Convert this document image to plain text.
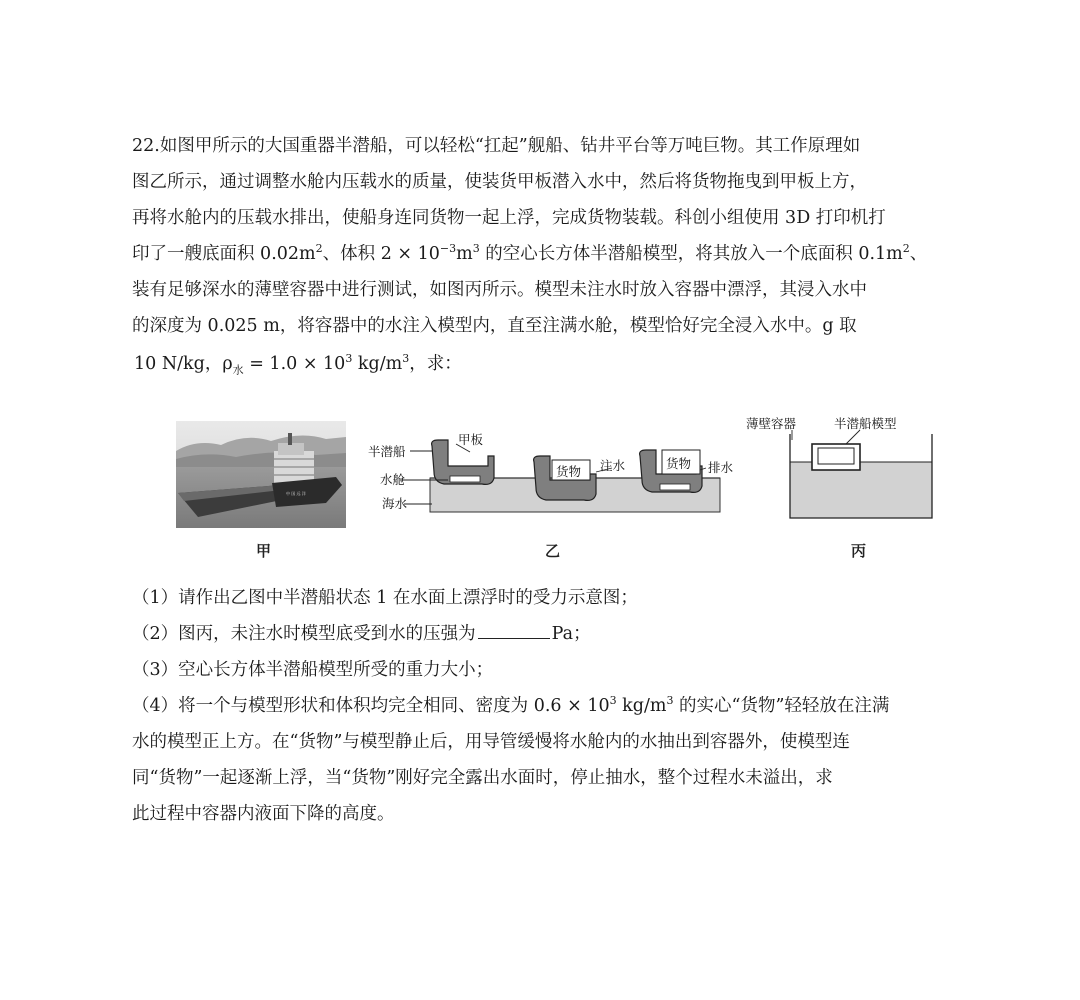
22.如图甲所示的大国重器半潜船，可以轻松“扛起”舰船、钻井平台等万吨巨物。其工作原理如
图乙所示，通过调整水舱内压载水的质量，使装货甲板潜入水中，然后将货物拖曳到甲板上方，
再将水舱内的压载水排出，使船身连同货物一起上浮，完成货物装载。科创小组使用 3D 打印机打
印了一艘底面积 $0.02m^2$、体积 $2 \times 10^{-3}m^3$ 的空心长方体半潜船模型，将其放入一个底面积 $0.1m^2$、
装有足够深水的薄壁容器中进行测试，如图丙所示。模型未注水时放入容器中漂浮，其浸入水中
的深度为 0.025 m，将容器中的水注入模型内，直至注满水舱，模型恰好完全浸入水中。g 取
10 N/kg，$\rho_水 = 1.0 \times 10^3$ $kg/m^3$，求：
中 国 远 洋
半潜船
甲板
水舱
海水
货物 注水	货物 排水
薄壁容器	半潜船模型
甲	乙	丙
（1）请作出乙图中半潜船状态 1 在水面上漂浮时的受力示意图；
（2）图丙，未注水时模型底受到水的压强为	Pa；
（3）空心长方体半潜船模型所受的重力大小；
（4）将一个与模型形状和体积均完全相同、密度为 $0.6 \times 10^3$ $kg/m^3$ 的实心“货物”轻轻放在注满
水的模型正上方。在“货物”与模型静止后，用导管缓慢将水舱内的水抽出到容器外，使模型连
同“货物”一起逐渐上浮，当“货物”刚好完全露出水面时，停止抽水，整个过程水未溢出，求
此过程中容器内液面下降的高度。
